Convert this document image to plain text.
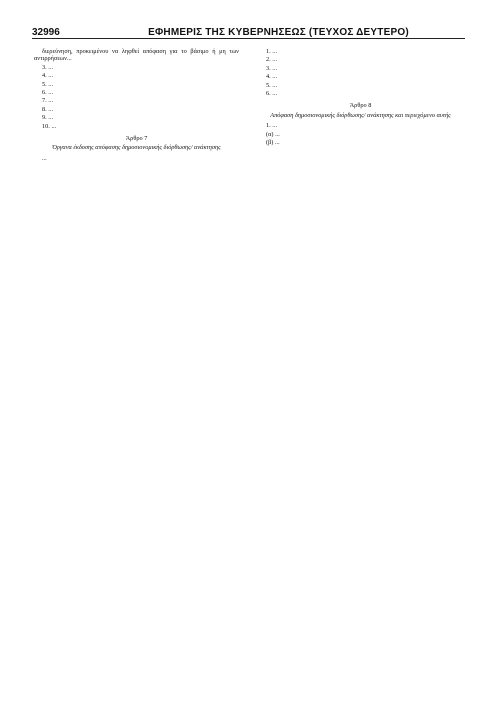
32996	ΕΦΗΜΕΡΙΣ ΤΗΣ ΚΥΒΕΡΝΗΣΕΩΣ (ΤΕΥΧΟΣ ΔΕΥΤΕΡΟ)

διερεύνηση, προκειμένου να ληφθεί απόφαση για το βάσιμο ή μη των αντιρρήσεων...

3. ...

4. ...

5. ...

6. ...

7. ...

8. ...

9. ...

10. ...

Άρθρο 7
Όργανα έκδοσης απόφασης δημοσιονομικής διόρθωσης/ ανάκτησης

...

1. ...

2. ...

3. ...

4. ...

5. ...

6. ...

Άρθρο 8
Απόφαση δημοσιονομικής διόρθωσης/ ανάκτησης και περιεχόμενο αυτής

1. ...

(α) ...

(β) ...
